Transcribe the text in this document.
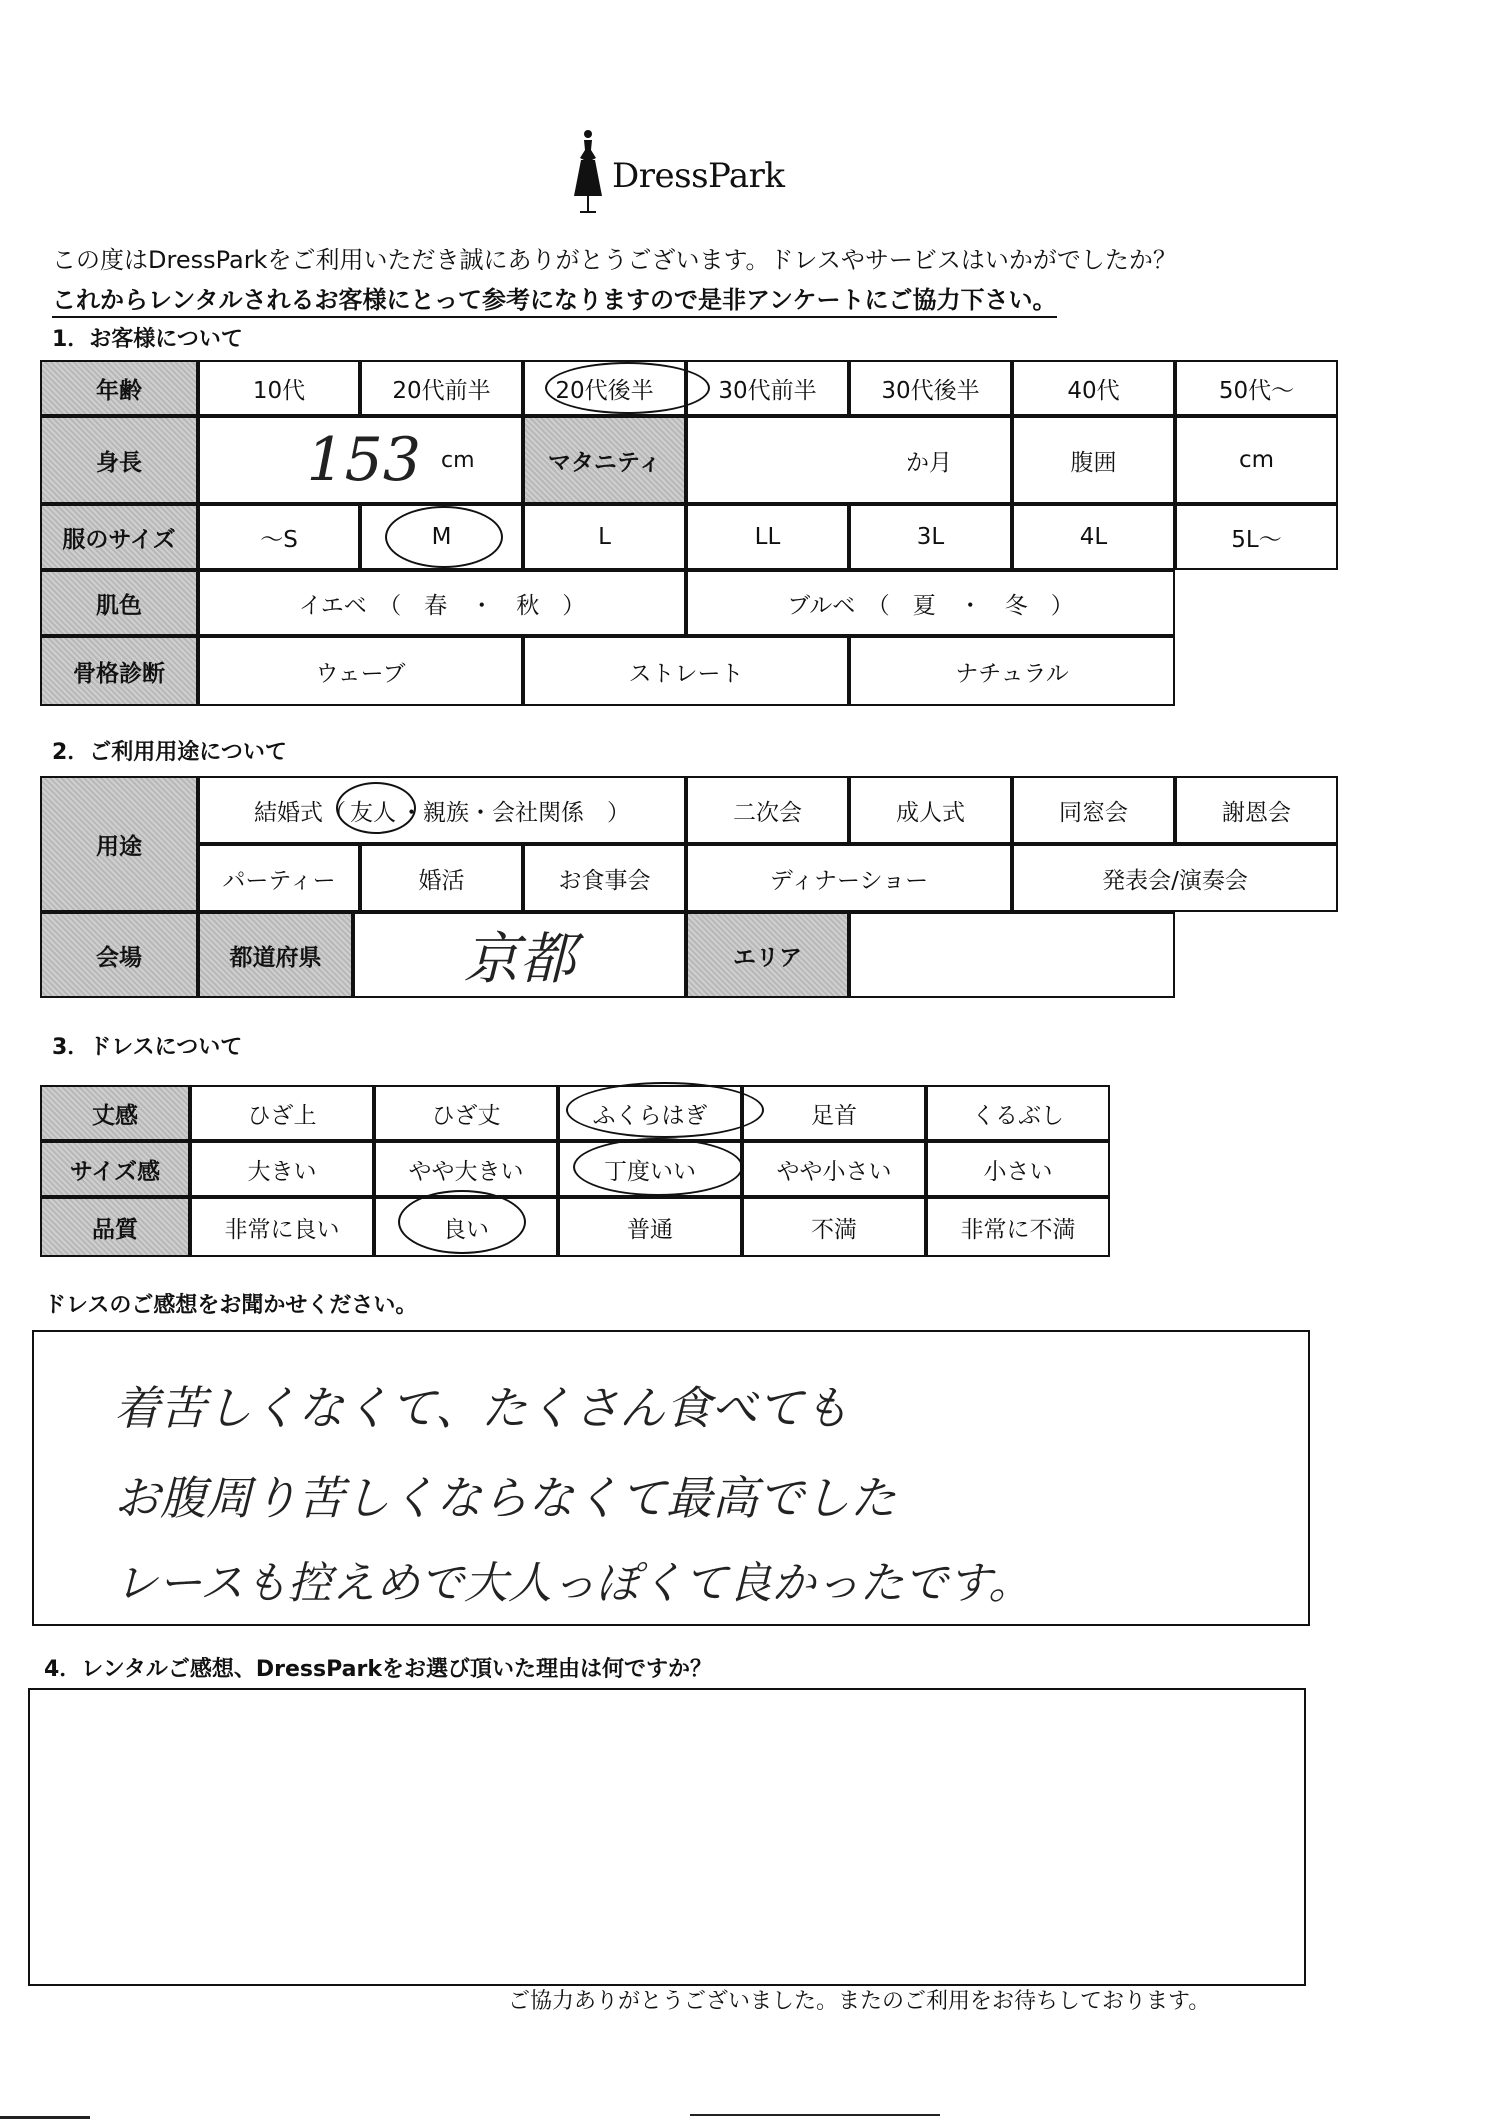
DressPark
この度はDressParkをご利用いただき誠にありがとうございます。ドレスやサービスはいかがでしたか？
これからレンタルされるお客様にとって参考になりますので是非アンケートにご協力下さい。
1．お客様について
年齢	10代	20代前半	20代後半	30代前半	30代後半	40代	50代〜
身長	153 cm	マタニティ	か月	腹囲	cm
服のサイズ	〜S	M	L	LL	3L	4L	5L〜
肌色	イエベ　（　春　・　秋　）	ブルベ　（　夏　・　冬　）
骨格診断	ウェーブ	ストレート	ナチュラル
2．ご利用用途について
用途
結婚式（ 友人 ・親族・会社関係　）	二次会	成人式	同窓会	謝恩会
パーティー	婚活	お食事会	ディナーショー	発表会/演奏会
会場	都道府県	京都	エリア
3．ドレスについて
丈感	ひざ上	ひざ丈	ふくらはぎ	足首	くるぶし
サイズ感	大きい	やや大きい	丁度いい	やや小さい	小さい
品質	非常に良い	良い	普通	不満	非常に不満
ドレスのご感想をお聞かせください。
着苦しくなくて、たくさん食べても
お腹周り苦しくならなくて最高でした
レースも控えめで大人っぽくて良かったです。
4．レンタルご感想、DressParkをお選び頂いた理由は何ですか？
ご協力ありがとうございました。またのご利用をお待ちしております。
